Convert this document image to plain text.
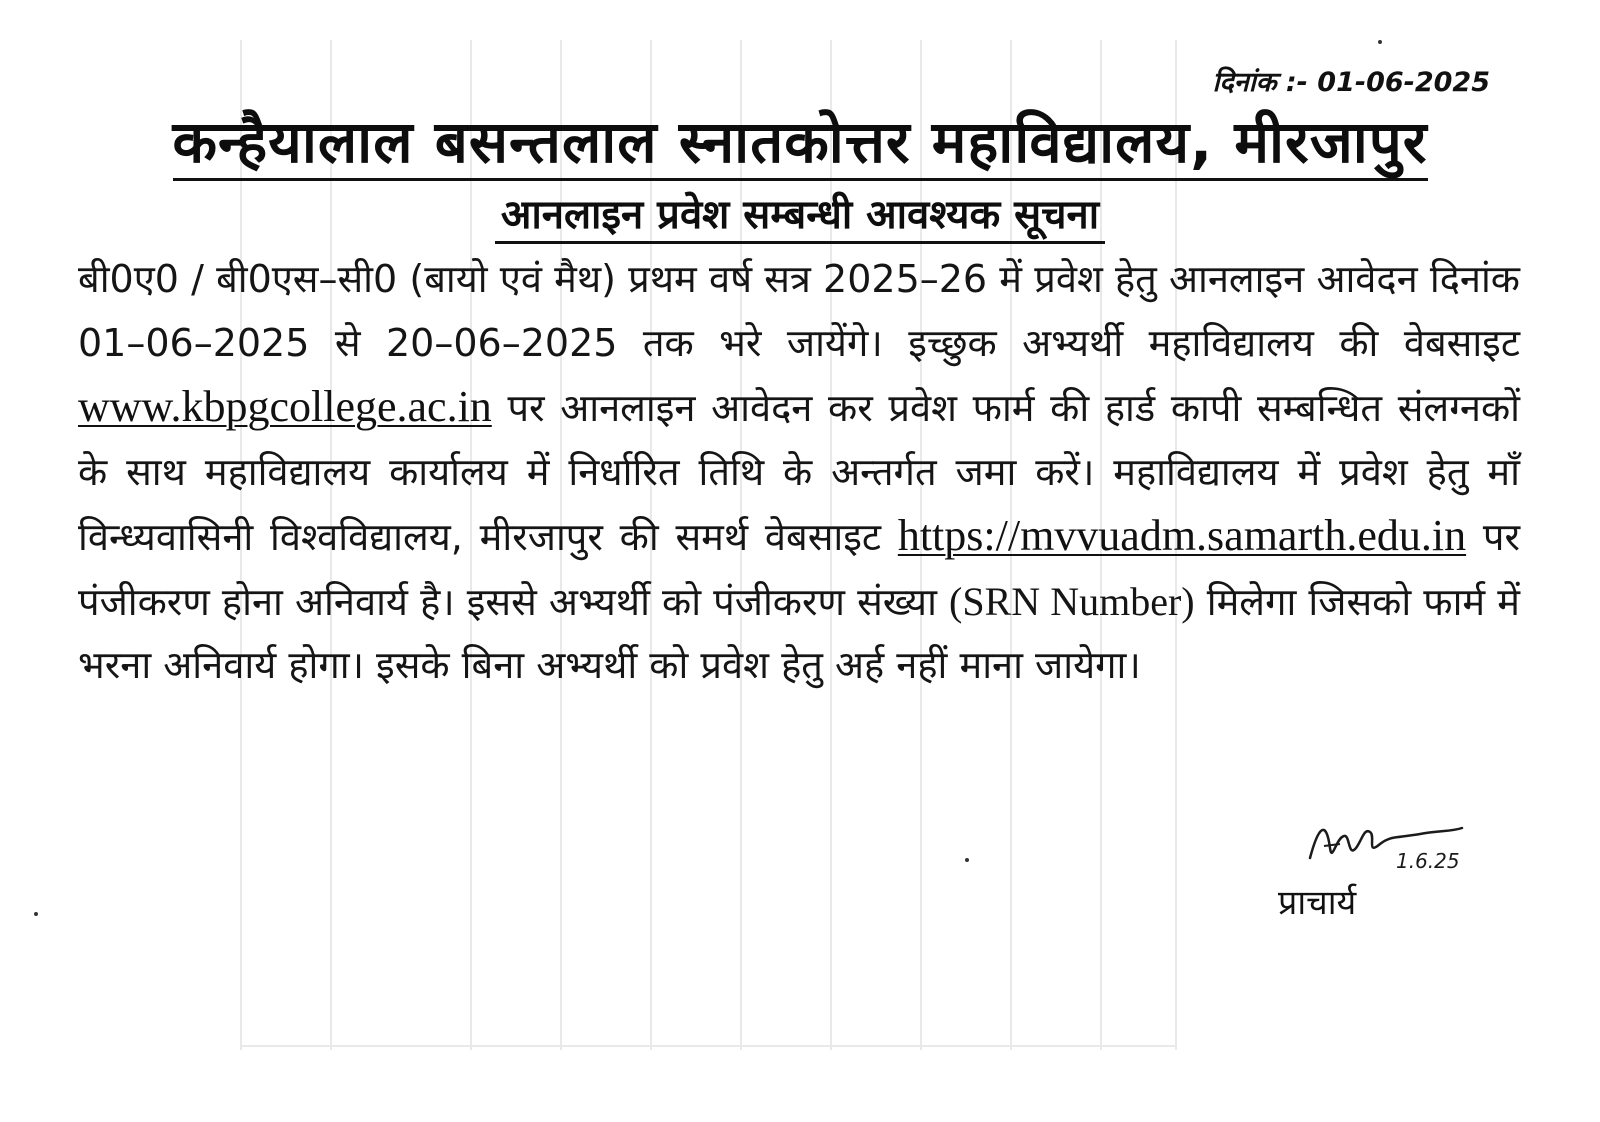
दिनांक :- 01-06-2025
कन्हैयालाल बसन्तलाल स्नातकोत्तर महाविद्यालय, मीरजापुर
आनलाइन प्रवेश सम्बन्धी आवश्यक सूचना

बी0ए0 / बी0एस–सी0 (बायो एवं मैथ) प्रथम वर्ष सत्र 2025–26 में प्रवेश हेतु आनलाइन आवेदन दिनांक 01–06–2025 से 20–06–2025 तक भरे जायेंगे। इच्छुक अभ्यर्थी महाविद्यालय की वेबसाइट www.kbpgcollege.ac.in पर आनलाइन आवेदन कर प्रवेश फार्म की हार्ड कापी सम्बन्धित संलग्नकों के साथ महाविद्यालय कार्यालय में निर्धारित तिथि के अन्तर्गत जमा करें। महाविद्यालय में प्रवेश हेतु माँ विन्ध्यवासिनी विश्वविद्यालय, मीरजापुर की समर्थ वेबसाइट https://mvvuadm.samarth.edu.in पर पंजीकरण होना अनिवार्य है। इससे अभ्यर्थी को पंजीकरण संख्या (SRN Number) मिलेगा जिसको फार्म में भरना अनिवार्य होगा। इसके बिना अभ्यर्थी को प्रवेश हेतु अर्ह नहीं माना जायेगा।

1.6.25
प्राचार्य
